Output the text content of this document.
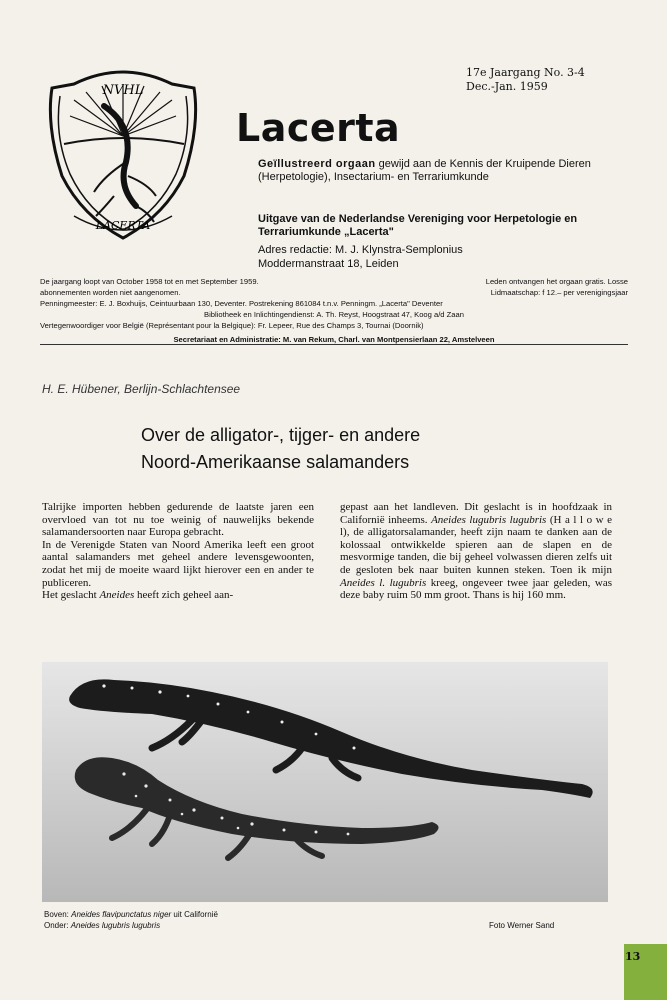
NVHL
LACERTA
17e Jaargang No. 3-4
Dec.-Jan. 1959
Lacerta
Geïllustreerd orgaan gewijd aan de Kennis der Kruipende Dieren (Herpetologie), Insectarium- en Terrariumkunde
Uitgave van de Nederlandse Vereniging voor Herpetologie en Terrariumkunde „Lacerta"
Adres redactie: M. J. Klynstra-Semplonius
Moddermanstraat 18, Leiden
De jaargang loopt van October 1958 tot en met September 1959.	Leden ontvangen het orgaan gratis. Losse
abonnementen worden niet aangenomen.	Lidmaatschap: f 12.– per verenigingsjaar
Penningmeester: E. J. Boxhuijs, Ceintuurbaan 130, Deventer. Postrekening 861084 t.n.v. Penningm. „Lacerta" Deventer
Bibliotheek en Inlichtingendienst: A. Th. Reyst, Hoogstraat 47, Koog a/d Zaan
Vertegenwoordiger voor België (Représentant pour la Belgique): Fr. Lepeer, Rue des Champs 3, Tournai (Doornik)
Secretariaat en Administratie: M. van Rekum, Charl. van Montpensierlaan 22, Amstelveen
H. E. Hübener, Berlijn-Schlachtensee
Over de alligator-, tijger- en andere
Noord-Amerikaanse salamanders

Talrijke importen hebben gedurende de laatste jaren een overvloed van tot nu toe weinig of nauwelijks bekende salamandersoorten naar Europa gebracht.

In de Verenigde Staten van Noord Amerika leeft een groot aantal salamanders met geheel andere levensgewoonten, zodat het mij de moeite waard lijkt hierover een en ander te publiceren.

Het geslacht Aneides heeft zich geheel aan-

gepast aan het landleven. Dit geslacht is in hoofdzaak in Californië inheems. Aneides lugubris lugubris (H a l l o w e l), de alligatorsalamander, heeft zijn naam te danken aan de kolossaal ontwikkelde spieren aan de slapen en de mesvormige tanden, die bij geheel volwassen dieren zelfs uit de gesloten bek naar buiten kunnen steken. Toen ik mijn Aneides l. lugubris kreeg, ongeveer twee jaar geleden, was deze baby ruim 50 mm groot. Thans is hij 160 mm.

Boven: Aneides flavipunctatus niger uit Californië
Onder: Aneides lugubris lugubris	Foto Werner Sand
13
